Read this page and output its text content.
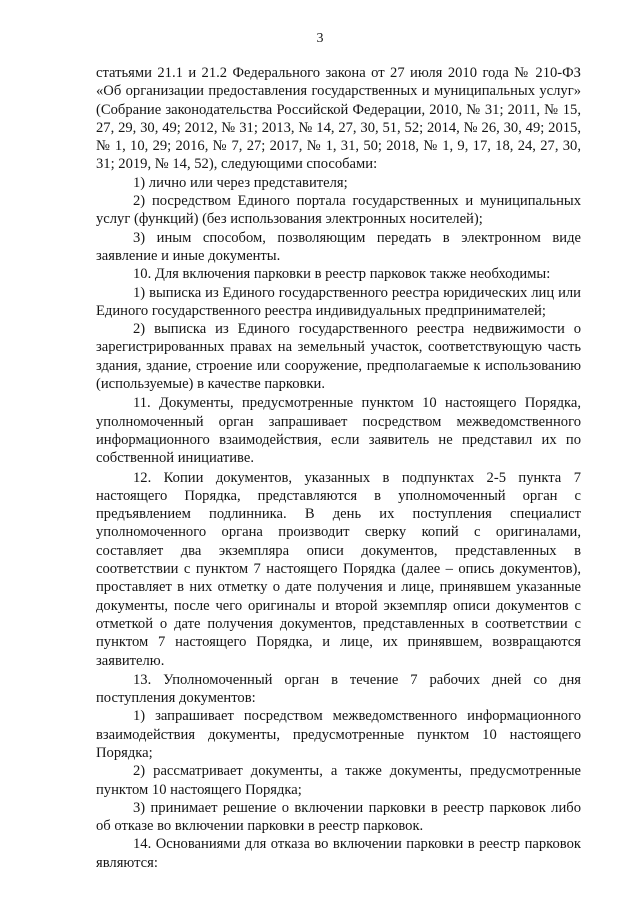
3

статьями 21.1 и 21.2 Федерального закона от 27 июля 2010 года № 210-ФЗ «Об организации предоставления государственных и муниципальных услуг» (Собрание законодательства Российской Федерации, 2010, № 31; 2011, № 15, 27, 29, 30, 49; 2012, № 31; 2013, № 14, 27, 30, 51, 52; 2014, № 26, 30, 49; 2015, № 1, 10, 29; 2016, № 7, 27; 2017, № 1, 31, 50; 2018, № 1, 9, 17, 18, 24, 27, 30, 31; 2019, № 14, 52), следующими способами:

1) лично или через представителя;

2) посредством Единого портала государственных и муниципальных услуг (функций) (без использования электронных носителей);

3) иным способом, позволяющим передать в электронном виде заявление и иные документы.

10. Для включения парковки в реестр парковок также необходимы:

1) выписка из Единого государственного реестра юридических лиц или Единого государственного реестра индивидуальных предпринимателей;

2) выписка из Единого государственного реестра недвижимости о зарегистрированных правах на земельный участок, соответствующую часть здания, здание, строение или сооружение, предполагаемые к использованию (используемые) в качестве парковки.

11. Документы, предусмотренные пунктом 10 настоящего Порядка, уполномоченный орган запрашивает посредством межведомственного информационного взаимодействия, если заявитель не представил их по собственной инициативе.

12. Копии документов, указанных в подпунктах 2-5 пункта 7 настоящего Порядка, представляются в уполномоченный орган с предъявлением подлинника. В день их поступления специалист уполномоченного органа производит сверку копий с оригиналами, составляет два экземпляра описи документов, представленных в соответствии с пунктом 7 настоящего Порядка (далее – опись документов), проставляет в них отметку о дате получения и лице, принявшем указанные документы, после чего оригиналы и второй экземпляр описи документов с отметкой о дате получения документов, представленных в соответствии с пунктом 7 настоящего Порядка, и лице, их принявшем, возвращаются заявителю.

13. Уполномоченный орган в течение 7 рабочих дней со дня поступления документов:

1) запрашивает посредством межведомственного информационного взаимодействия документы, предусмотренные пунктом 10 настоящего Порядка;

2) рассматривает документы, а также документы, предусмотренные пунктом 10 настоящего Порядка;

3) принимает решение о включении парковки в реестр парковок либо об отказе во включении парковки в реестр парковок.

14. Основаниями для отказа во включении парковки в реестр парковок являются:
